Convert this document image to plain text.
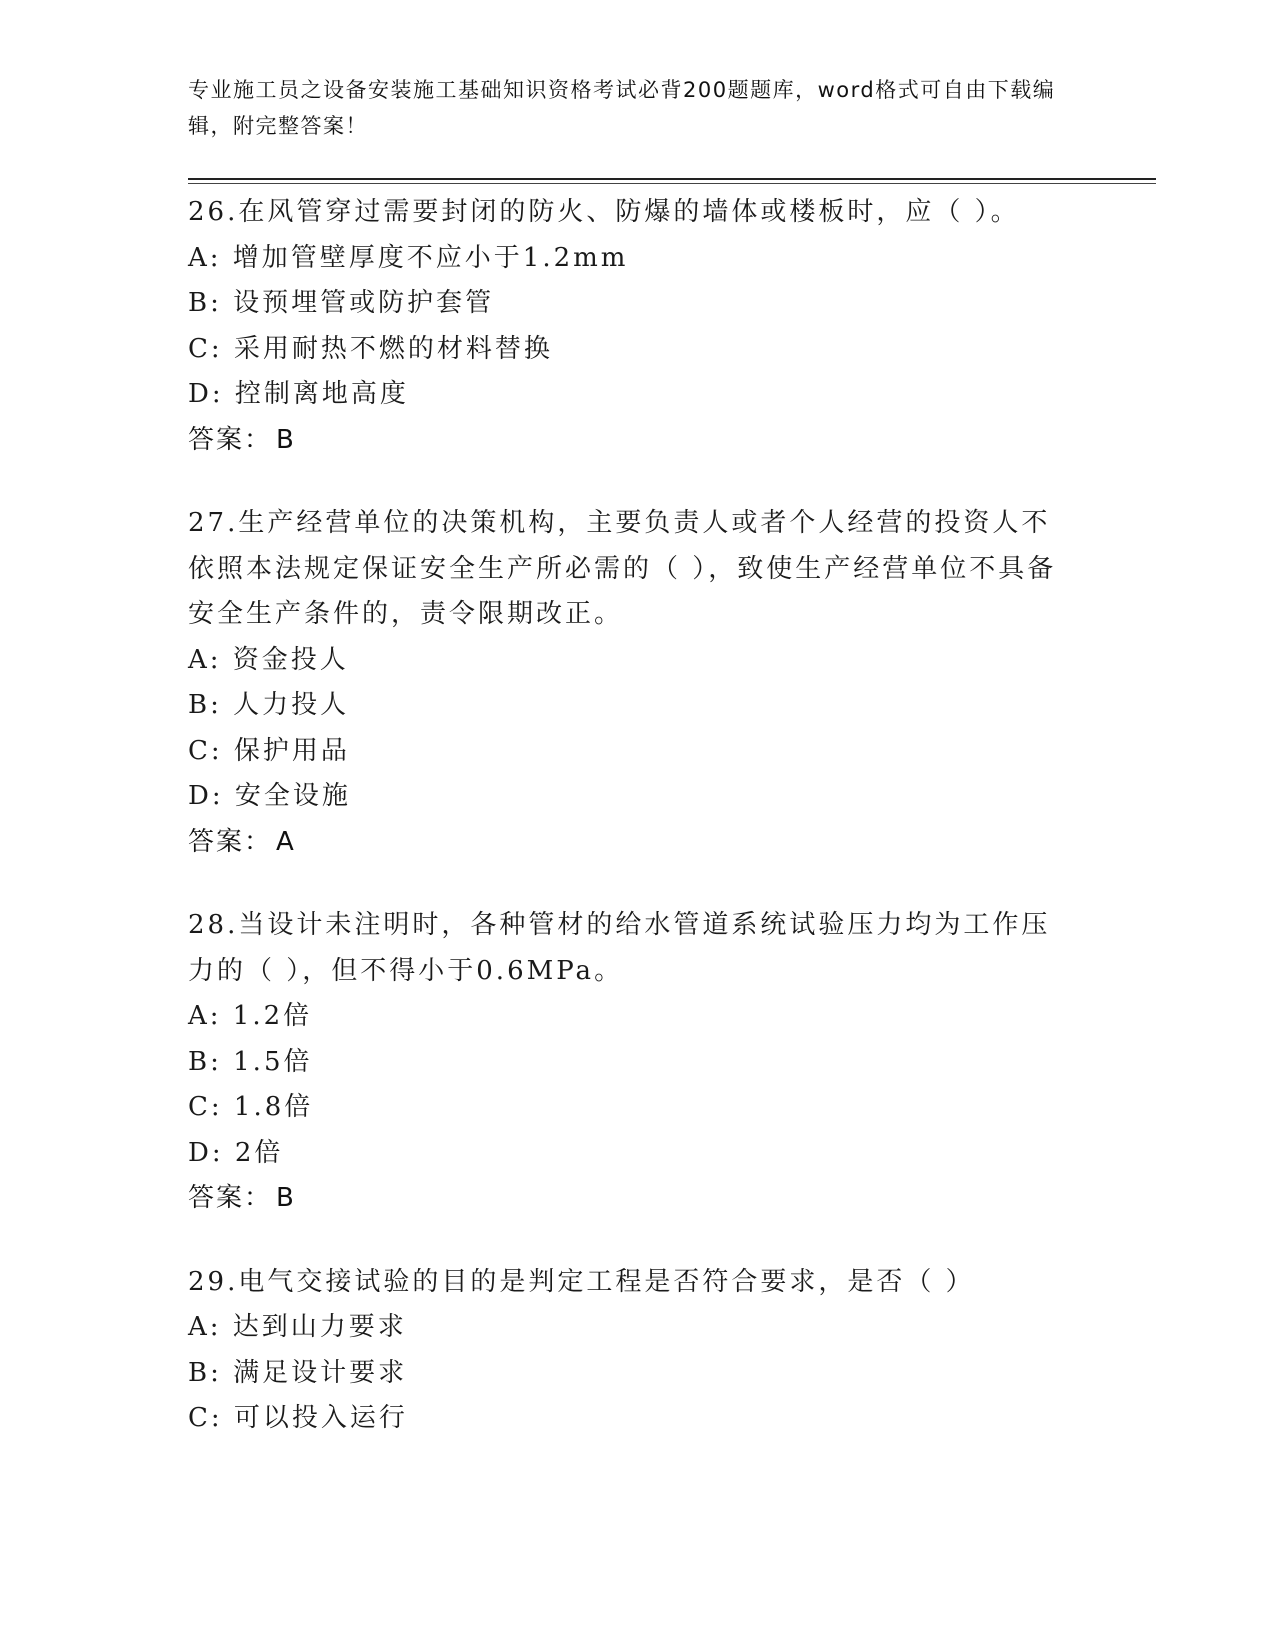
专业施工员之设备安装施工基础知识资格考试必背200题题库，word格式可自由下载编辑，附完整答案！

26.在风管穿过需要封闭的防火、防爆的墙体或楼板时，应（ ）。

A: 增加管壁厚度不应小于1.2mm

B: 设预埋管或防护套管

C: 采用耐热不燃的材料替换

D: 控制离地高度

答案： B

27.生产经营单位的决策机构，主要负责人或者个人经营的投资人不依照本法规定保证安全生产所必需的（ ），致使生产经营单位不具备安全生产条件的，责令限期改正。

A: 资金投人

B: 人力投人

C: 保护用品

D: 安全设施

答案： A

28.当设计未注明时，各种管材的给水管道系统试验压力均为工作压力的（ ），但不得小于0.6MPa。

A: 1.2倍

B: 1.5倍

C: 1.8倍

D: 2倍

答案： B

29.电气交接试验的目的是判定工程是否符合要求，是否（ ）

A: 达到山力要求

B: 满足设计要求

C: 可以投入运行
